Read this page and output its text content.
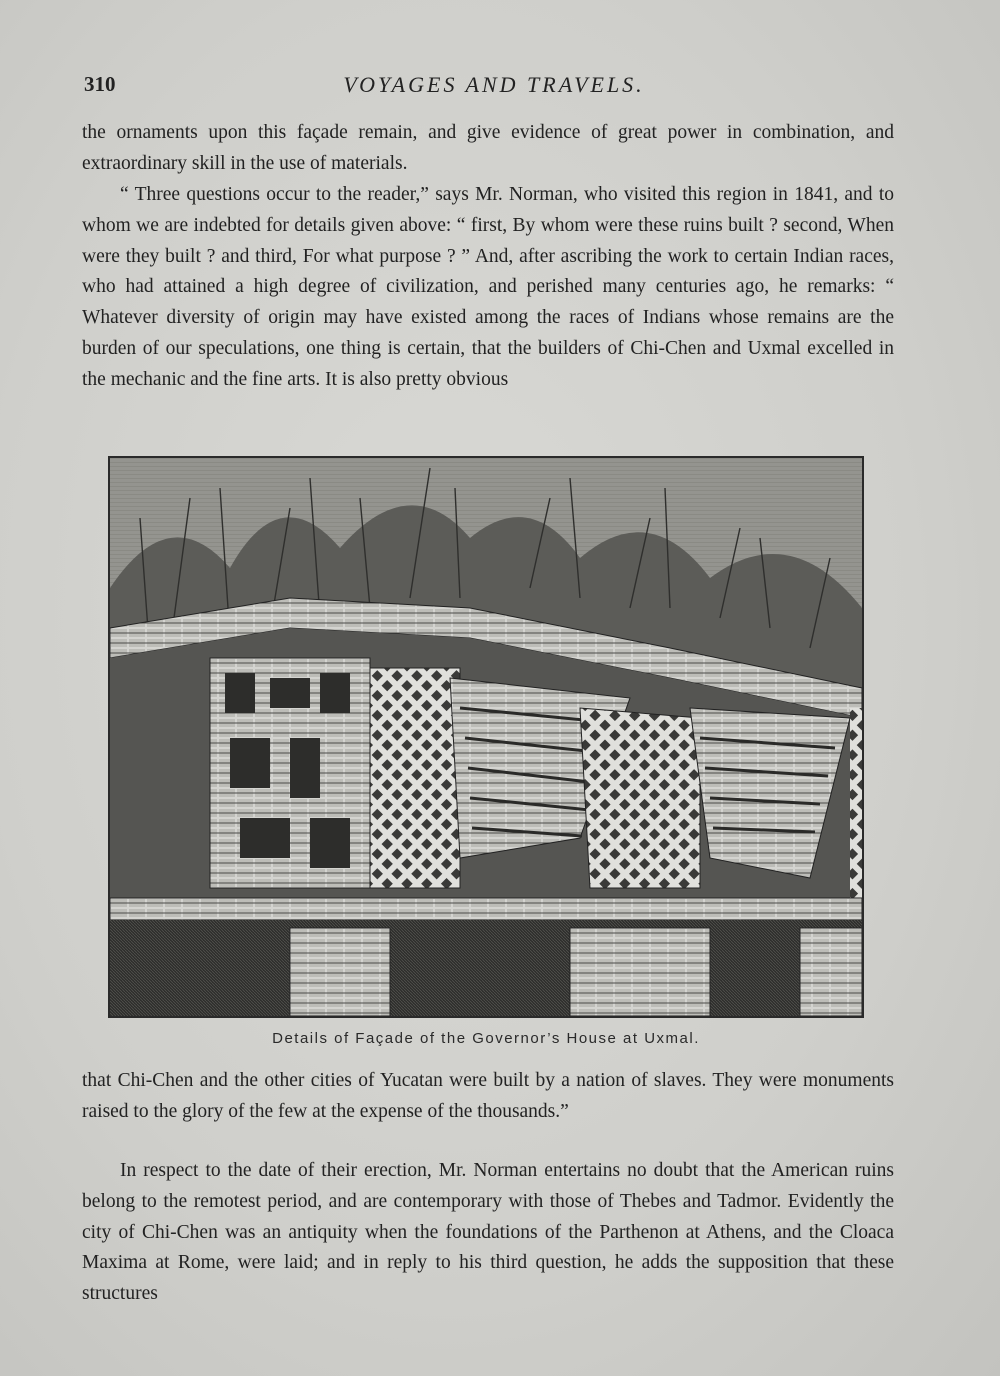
310	VOYAGES AND TRAVELS.

the ornaments upon this façade remain, and give evidence of great power in combination, and extraordinary skill in the use of materials.

“ Three questions occur to the reader,” says Mr. Norman, who visited this region in 1841, and to whom we are indebted for details given above: “ first, By whom were these ruins built ? second, When were they built ? and third, For what purpose ? ” And, after ascribing the work to certain Indian races, who had attained a high degree of civilization, and perished many centuries ago, he remarks: “ Whatever diversity of origin may have existed among the races of Indians whose remains are the burden of our speculations, one thing is certain, that the builders of Chi-Chen and Uxmal excelled in the mechanic and the fine arts. It is also pretty obvious

Details of Façade of the Governor’s House at Uxmal.

that Chi-Chen and the other cities of Yucatan were built by a nation of slaves. They were monuments raised to the glory of the few at the expense of the thousands.”

In respect to the date of their erection, Mr. Norman entertains no doubt that the American ruins belong to the remotest period, and are contemporary with those of Thebes and Tadmor. Evidently the city of Chi-Chen was an antiquity when the foundations of the Parthenon at Athens, and the Cloaca Maxima at Rome, were laid; and in reply to his third question, he adds the supposition that these structures
